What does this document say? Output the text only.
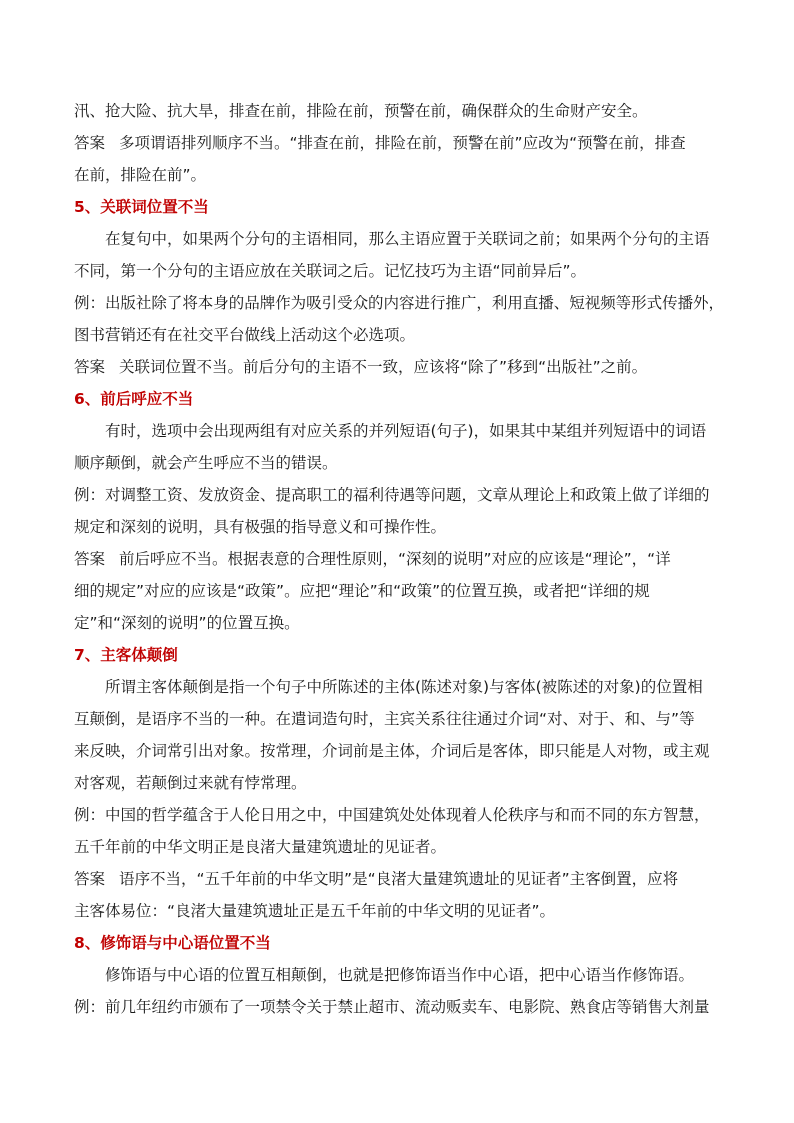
汛、抢大险、抗大旱，排查在前，排险在前，预警在前，确保群众的生命财产安全。
答案 多项谓语排列顺序不当。“排查在前，排险在前，预警在前”应改为“预警在前，排查
在前，排险在前”。
5、关联词位置不当
在复句中，如果两个分句的主语相同，那么主语应置于关联词之前；如果两个分句的主语
不同，第一个分句的主语应放在关联词之后。记忆技巧为主语“同前异后”。
例：出版社除了将本身的品牌作为吸引受众的内容进行推广，利用直播、短视频等形式传播外，
图书营销还有在社交平台做线上活动这个必选项。
答案 关联词位置不当。前后分句的主语不一致，应该将“除了”移到“出版社”之前。
6、前后呼应不当
有时，选项中会出现两组有对应关系的并列短语(句子)，如果其中某组并列短语中的词语
顺序颠倒，就会产生呼应不当的错误。
例：对调整工资、发放资金、提高职工的福利待遇等问题，文章从理论上和政策上做了详细的
规定和深刻的说明，具有极强的指导意义和可操作性。
答案 前后呼应不当。根据表意的合理性原则，“深刻的说明”对应的应该是“理论”，“详
细的规定”对应的应该是“政策”。应把“理论”和“政策”的位置互换，或者把“详细的规
定”和“深刻的说明”的位置互换。
7、主客体颠倒
所谓主客体颠倒是指一个句子中所陈述的主体(陈述对象)与客体(被陈述的对象)的位置相
互颠倒，是语序不当的一种。在遣词造句时，主宾关系往往通过介词“对、对于、和、与”等
来反映，介词常引出对象。按常理，介词前是主体，介词后是客体，即只能是人对物，或主观
对客观，若颠倒过来就有悖常理。
例：中国的哲学蕴含于人伦日用之中，中国建筑处处体现着人伦秩序与和而不同的东方智慧，
五千年前的中华文明正是良渚大量建筑遗址的见证者。
答案 语序不当，“五千年前的中华文明”是“良渚大量建筑遗址的见证者”主客倒置，应将
主客体易位：“良渚大量建筑遗址正是五千年前的中华文明的见证者”。
8、修饰语与中心语位置不当
修饰语与中心语的位置互相颠倒，也就是把修饰语当作中心语，把中心语当作修饰语。
例：前几年纽约市颁布了一项禁令关于禁止超市、流动贩卖车、电影院、熟食店等销售大剂量
